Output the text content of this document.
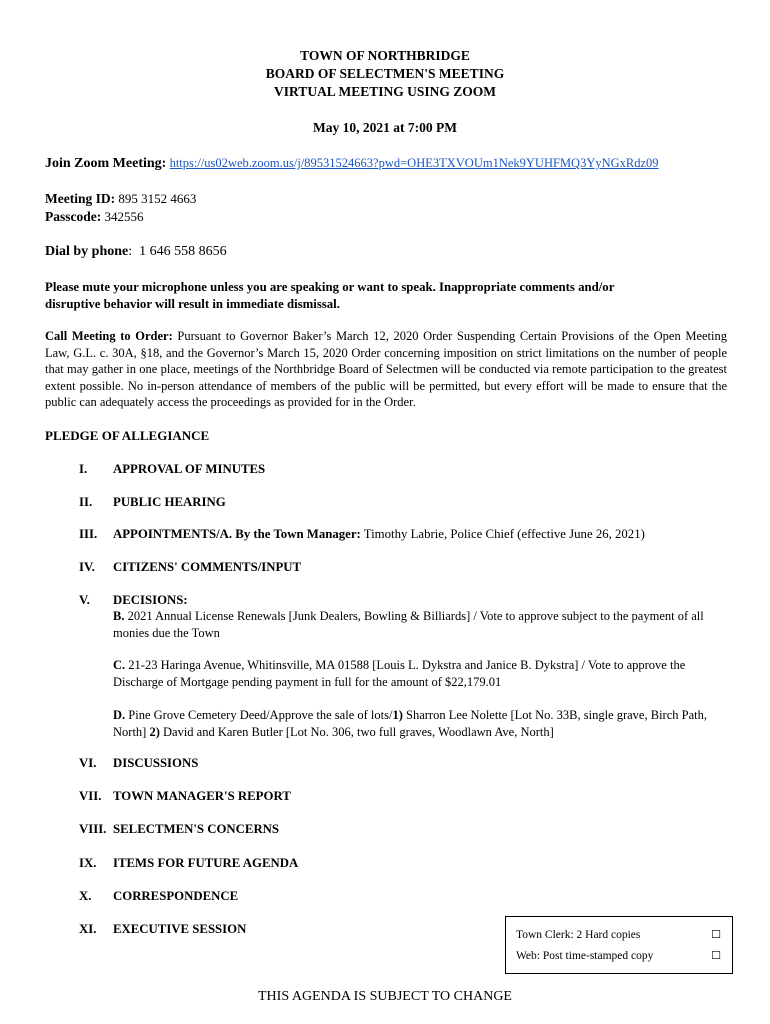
TOWN OF NORTHBRIDGE
BOARD OF SELECTMEN'S MEETING
VIRTUAL MEETING USING ZOOM
May 10, 2021 at 7:00 PM
Join Zoom Meeting: https://us02web.zoom.us/j/89531524663?pwd=OHE3TXVOUm1Nek9YUHFMQ3YyNGxRdz09
Meeting ID: 895 3152 4663
Passcode: 342556
Dial by phone: 1 646 558 8656
Please mute your microphone unless you are speaking or want to speak. Inappropriate comments and/or
disruptive behavior will result in immediate dismissal.
Call Meeting to Order: Pursuant to Governor Baker’s March 12, 2020 Order Suspending Certain Provisions of the Open Meeting Law, G.L. c. 30A, §18, and the Governor’s March 15, 2020 Order concerning imposition on strict limitations on the number of people that may gather in one place, meetings of the Northbridge Board of Selectmen will be conducted via remote participation to the greatest extent possible. No in-person attendance of members of the public will be permitted, but every effort will be made to ensure that the public can adequately access the proceedings as provided for in the Order.
PLEDGE OF ALLEGIANCE
I. APPROVAL OF MINUTES
II. PUBLIC HEARING
III. APPOINTMENTS/A. By the Town Manager: Timothy Labrie, Police Chief (effective June 26, 2021)
IV. CITIZENS' COMMENTS/INPUT
V. DECISIONS:
B. 2021 Annual License Renewals [Junk Dealers, Bowling & Billiards] / Vote to approve subject to the payment of all monies due the Town
C. 21-23 Haringa Avenue, Whitinsville, MA 01588 [Louis L. Dykstra and Janice B. Dykstra] / Vote to approve the Discharge of Mortgage pending payment in full for the amount of $22,179.01
D. Pine Grove Cemetery Deed/Approve the sale of lots/1) Sharron Lee Nolette [Lot No. 33B, single grave, Birch Path, North] 2) David and Karen Butler [Lot No. 306, two full graves, Woodlawn Ave, North]
VI. DISCUSSIONS
VII. TOWN MANAGER'S REPORT
VIII. SELECTMEN'S CONCERNS
IX. ITEMS FOR FUTURE AGENDA
X. CORRESPONDENCE
XI. EXECUTIVE SESSION	Town Clerk: 2 Hard copies	☐
Web: Post time-stamped copy	☐
THIS AGENDA IS SUBJECT TO CHANGE
